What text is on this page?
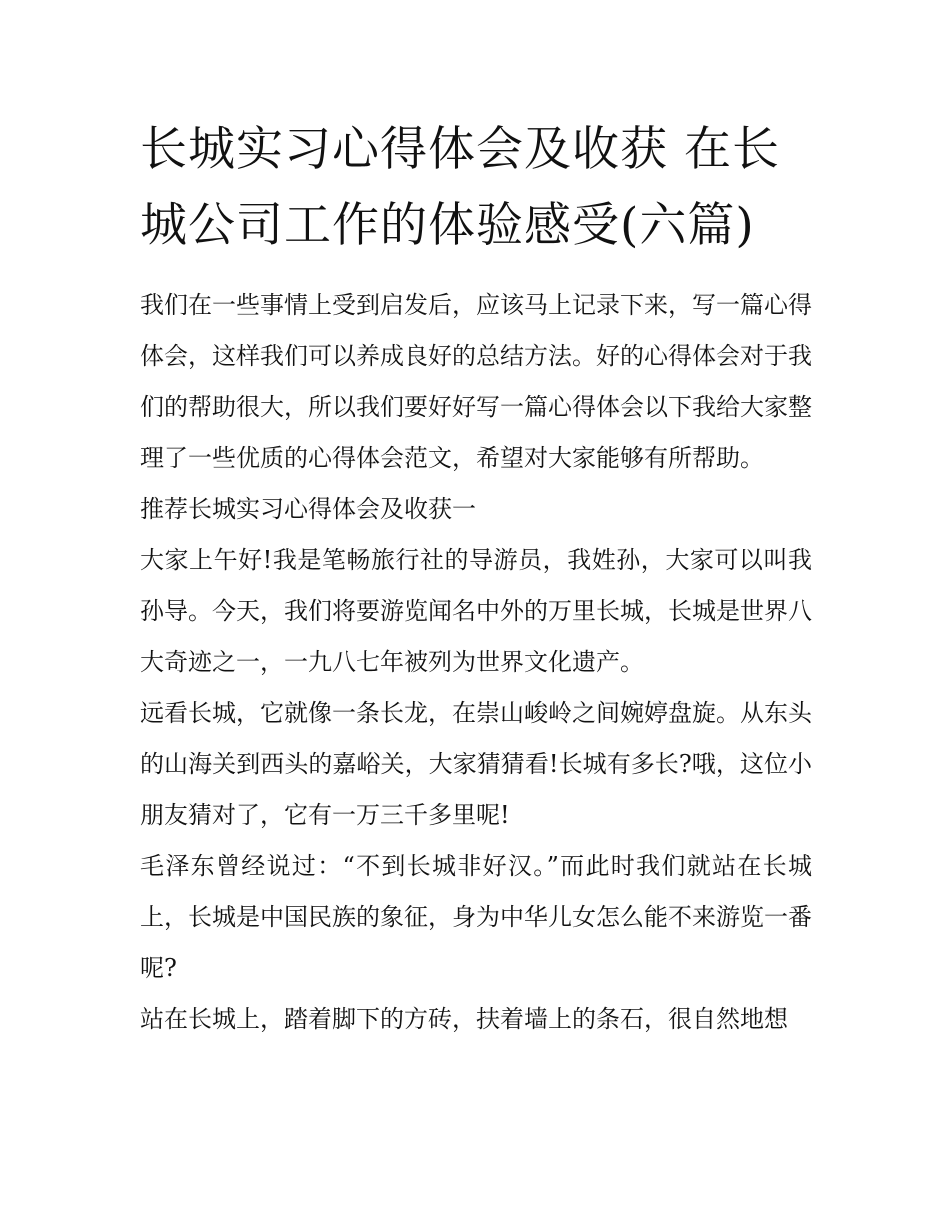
长城实习心得体会及收获 在长城公司工作的体验感受(六篇)

我们在一些事情上受到启发后，应该马上记录下来，写一篇心得体会，这样我们可以养成良好的总结方法。好的心得体会对于我们的帮助很大，所以我们要好好写一篇心得体会以下我给大家整理了一些优质的心得体会范文，希望对大家能够有所帮助。

推荐长城实习心得体会及收获一

大家上午好!我是笔畅旅行社的导游员，我姓孙，大家可以叫我孙导。今天，我们将要游览闻名中外的万里长城，长城是世界八大奇迹之一，一九八七年被列为世界文化遗产。

远看长城，它就像一条长龙，在崇山峻岭之间婉婷盘旋。从东头的山海关到西头的嘉峪关，大家猜猜看!长城有多长?哦，这位小朋友猜对了，它有一万三千多里呢!

毛泽东曾经说过：“不到长城非好汉。”而此时我们就站在长城上，长城是中国民族的象征，身为中华儿女怎么能不来游览一番呢?

站在长城上，踏着脚下的方砖，扶着墙上的条石，很自然地想
